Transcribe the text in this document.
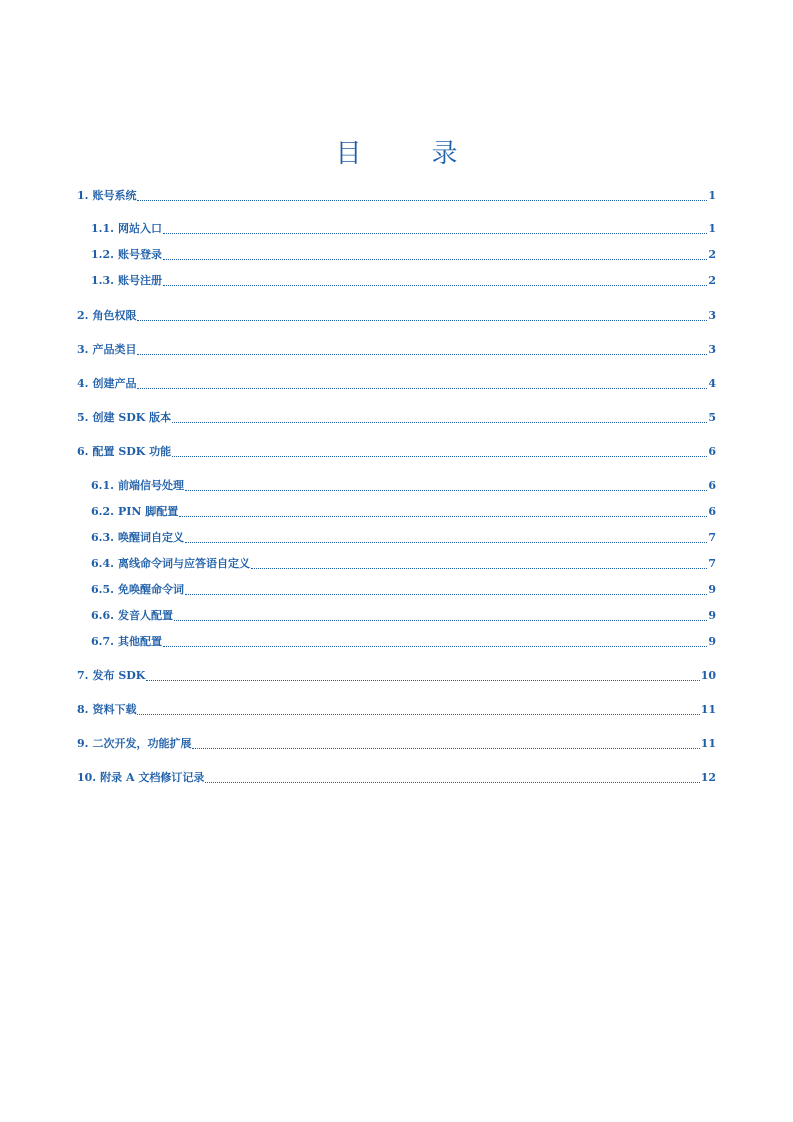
目　录
1. 账号系统	1
1.1. 网站入口	1
1.2. 账号登录	2
1.3. 账号注册	2
2. 角色权限	3
3. 产品类目	3
4. 创建产品	4
5. 创建 SDK 版本	5
6. 配置 SDK 功能	6
6.1. 前端信号处理	6
6.2. PIN 脚配置	6
6.3. 唤醒词自定义	7
6.4. 离线命令词与应答语自定义	7
6.5. 免唤醒命令词	9
6.6. 发音人配置	9
6.7. 其他配置	9
7. 发布 SDK	10
8. 资料下载	11
9. 二次开发，功能扩展	11
10. 附录 A 文档修订记录	12
